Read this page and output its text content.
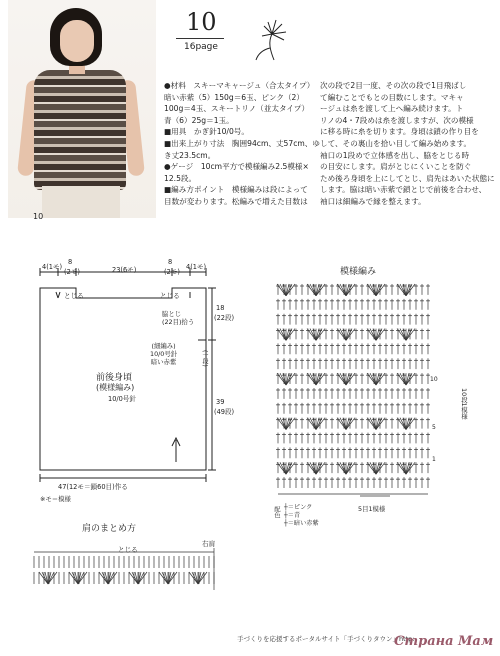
10
10
16page
●材料　スキーマキャージュ（合太タイプ）
暗い赤紫（5）150g＝6玉、ピンク（2）
100g＝4玉、スキートリノ（並太タイプ）
青（6）25g＝1玉。
■用具　かぎ針10/0号。
■出来上がり寸法　胸囲94cm、丈57cm、ゆ
き丈23.5cm。
●ゲージ　10cm平方で模様編み2.5模様×
12.5段。
■編み方ポイント　模様編みは段によって
目数が変わります。松編みで増えた目数は
次の段で2目一度、その次の段で1目飛ばし
て編むことでもとの目数にします。マキャ
ージュは糸を渡して上へ編み続けます。ト
リノの4・7段めは糸を渡しますが、次の模様
に移る時に糸を切ります。身頃は鎖の作り目を
して、その裏山を拾い目して編み始めます。
袖口の1段めで立体感を出し、脇をとじる時
の目安にします。肩がとじにくいことを防ぐ
ため後ろ身頃を上にしてとじ、肩先はあいた状態に
します。脇は暗い赤紫で鎖とじで前後を合わせ、
袖口は細編みで縁を整えます。
4(1モ)
8
(2モ)	23(6モ)
8
(2モ)
4(1モ)
とじる	とじる
18
(22段)
39
(49段)
脇とじ
(22目)拾う
(細編み)
10/0号針
暗い赤紫	(一段)
前後身頃
(模様編み)
10/0号針
47(12モ＝鎖60目)作る
※モ＝模様
模様編み
10
5
1
10段1模様
5目1模様
配色 ┼＝ピンク
┼＝青
┼＝暗い赤紫
肩のまとめ方
とじる
右肩
手づくりを応援するポータルサイト「手づくりタウン」http:
Страна Мам
